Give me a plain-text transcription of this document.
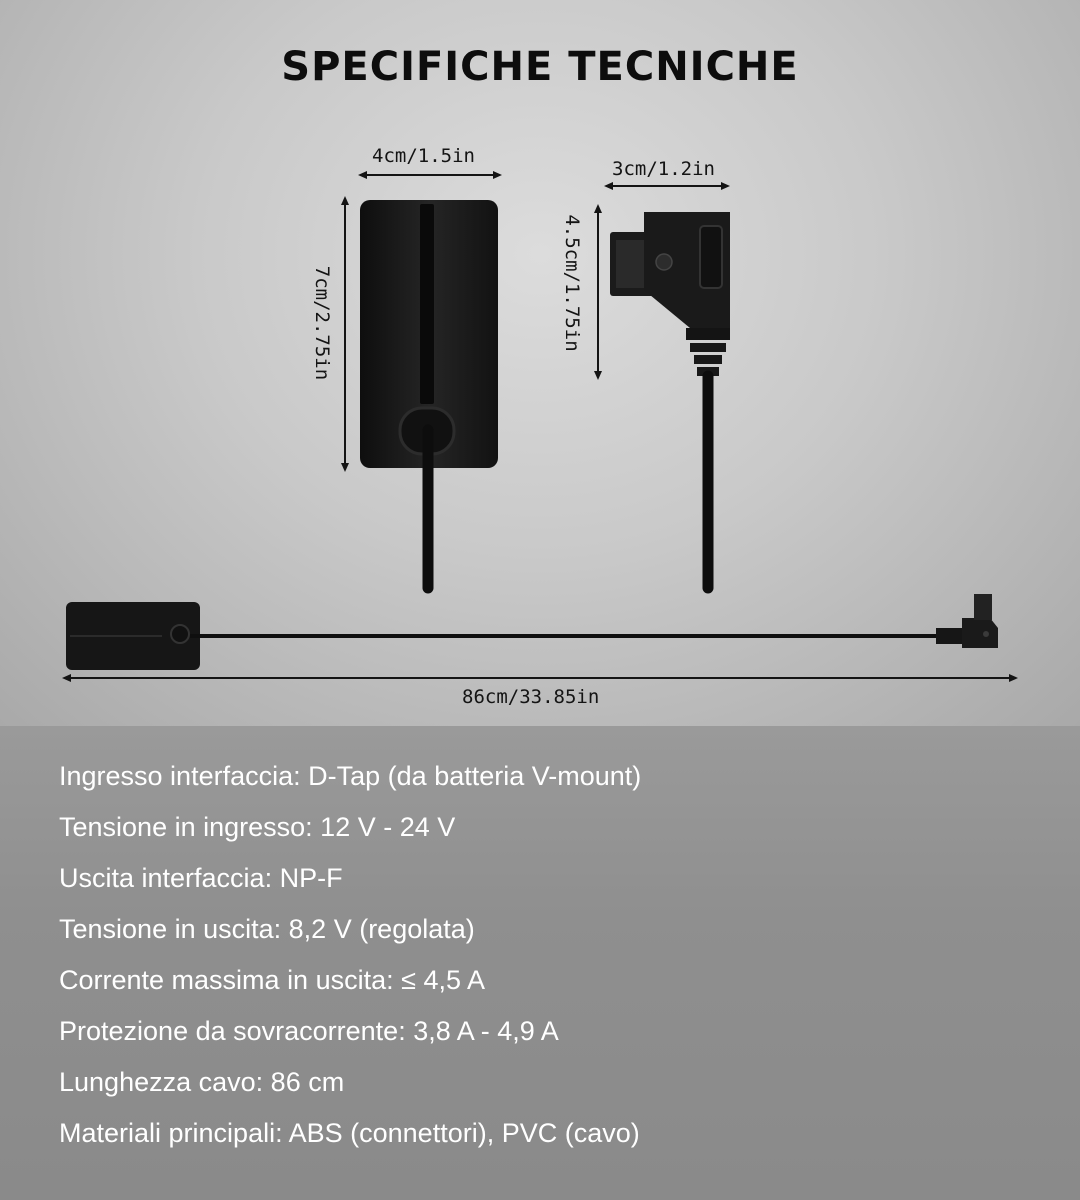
SPECIFICHE TECNICHE
4cm/1.5in
7cm/2.75in
3cm/1.2in
4.5cm/1.75in
86cm/33.85in
Ingresso interfaccia: D-Tap (da batteria V-mount)
Tensione in ingresso: 12 V - 24 V
Uscita interfaccia: NP-F
Tensione in uscita: 8,2 V (regolata)
Corrente massima in uscita: ≤ 4,5 A
Protezione da sovracorrente: 3,8 A - 4,9 A
Lunghezza cavo: 86 cm
Materiali principali: ABS (connettori), PVC (cavo)
